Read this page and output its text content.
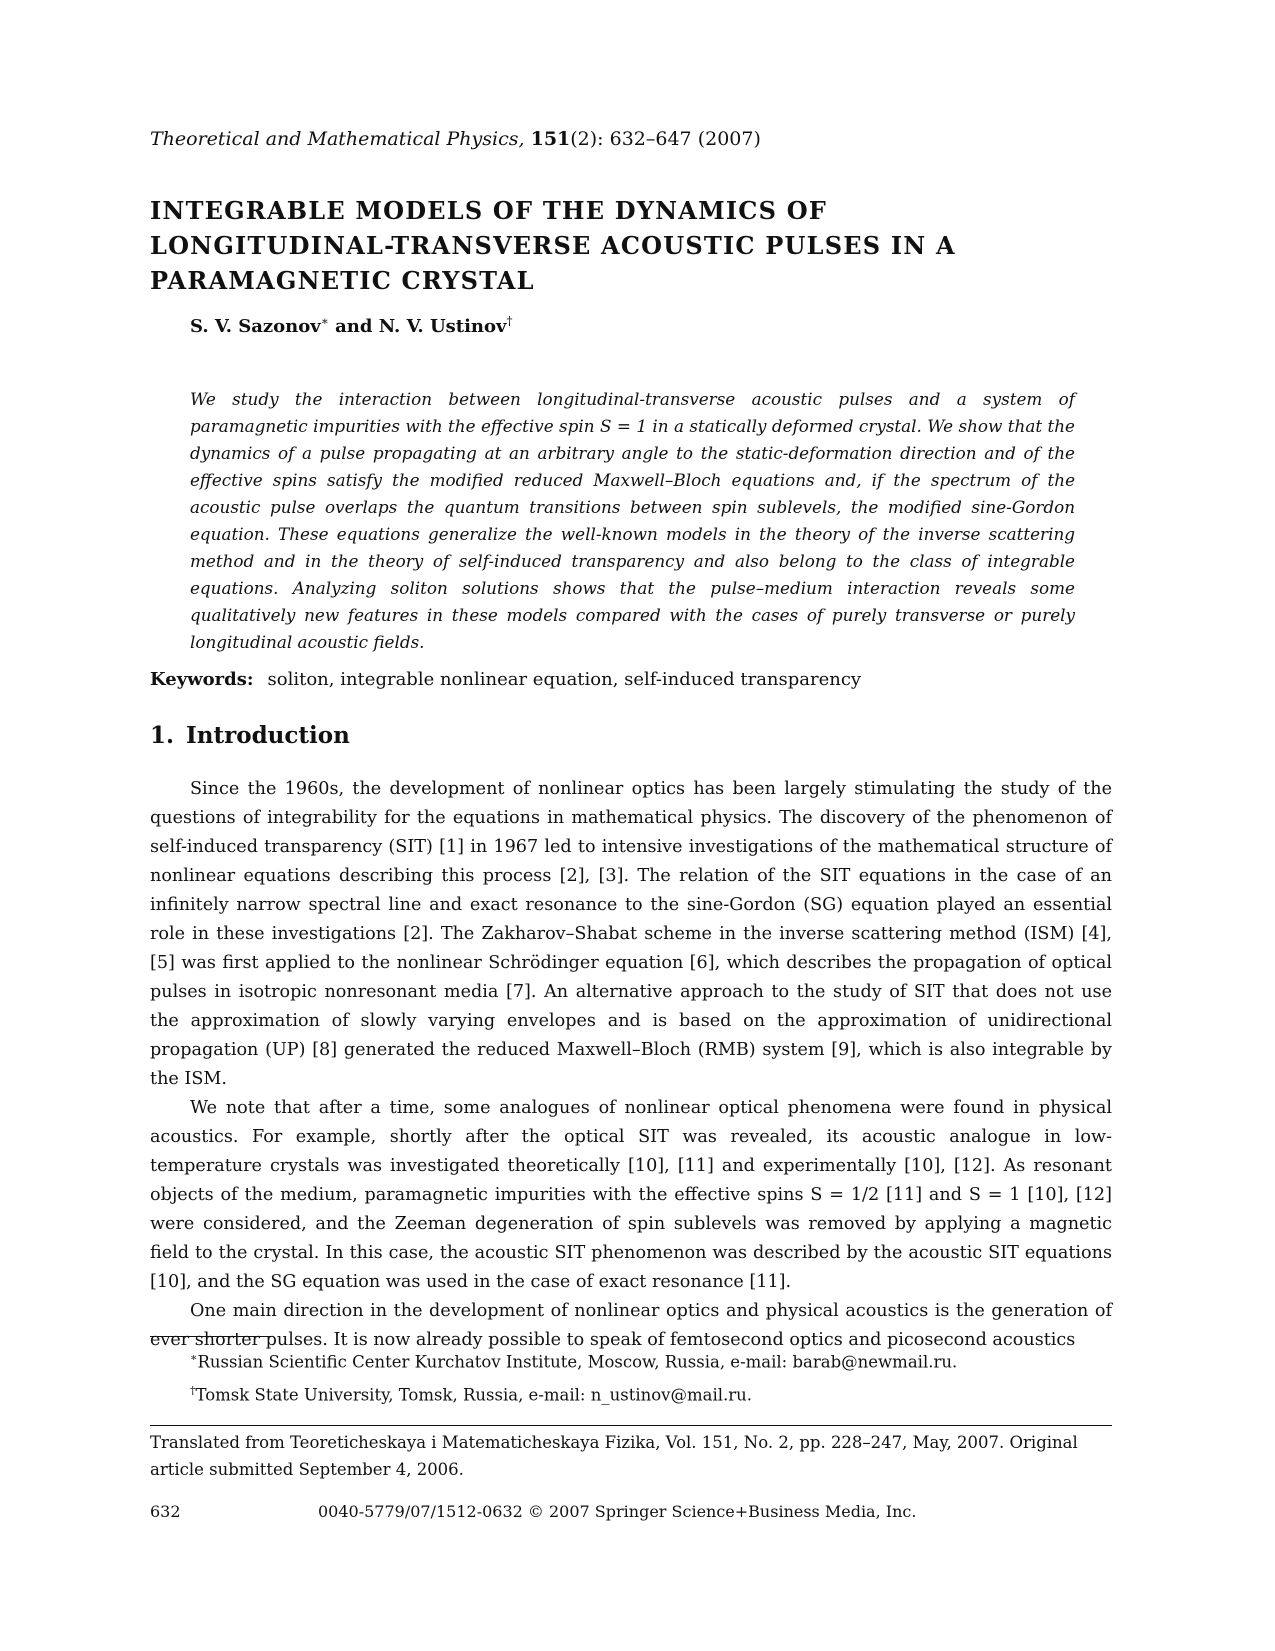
Theoretical and Mathematical Physics, 151(2): 632–647 (2007)
INTEGRABLE MODELS OF THE DYNAMICS OF
LONGITUDINAL-TRANSVERSE ACOUSTIC PULSES IN A
PARAMAGNETIC CRYSTAL
S. V. Sazonov∗ and N. V. Ustinov†
We study the interaction between longitudinal-transverse acoustic pulses and a system of paramagnetic impurities with the effective spin S = 1 in a statically deformed crystal. We show that the dynamics of a pulse propagating at an arbitrary angle to the static-deformation direction and of the effective spins satisfy the modified reduced Maxwell–Bloch equations and, if the spectrum of the acoustic pulse overlaps the quantum transitions between spin sublevels, the modified sine-Gordon equation. These equations generalize the well-known models in the theory of the inverse scattering method and in the theory of self-induced transparency and also belong to the class of integrable equations. Analyzing soliton solutions shows that the pulse–medium interaction reveals some qualitatively new features in these models compared with the cases of purely transverse or purely longitudinal acoustic fields.
Keywords: soliton, integrable nonlinear equation, self-induced transparency
1. Introduction

Since the 1960s, the development of nonlinear optics has been largely stimulating the study of the questions of integrability for the equations in mathematical physics. The discovery of the phenomenon of self-induced transparency (SIT) [1] in 1967 led to intensive investigations of the mathematical structure of nonlinear equations describing this process [2], [3]. The relation of the SIT equations in the case of an infinitely narrow spectral line and exact resonance to the sine-Gordon (SG) equation played an essential role in these investigations [2]. The Zakharov–Shabat scheme in the inverse scattering method (ISM) [4], [5] was first applied to the nonlinear Schrödinger equation [6], which describes the propagation of optical pulses in isotropic nonresonant media [7]. An alternative approach to the study of SIT that does not use the approximation of slowly varying envelopes and is based on the approximation of unidirectional propagation (UP) [8] generated the reduced Maxwell–Bloch (RMB) system [9], which is also integrable by the ISM.

We note that after a time, some analogues of nonlinear optical phenomena were found in physical acoustics. For example, shortly after the optical SIT was revealed, its acoustic analogue in low-temperature crystals was investigated theoretically [10], [11] and experimentally [10], [12]. As resonant objects of the medium, paramagnetic impurities with the effective spins S = 1/2 [11] and S = 1 [10], [12] were considered, and the Zeeman degeneration of spin sublevels was removed by applying a magnetic field to the crystal. In this case, the acoustic SIT phenomenon was described by the acoustic SIT equations [10], and the SG equation was used in the case of exact resonance [11].

One main direction in the development of nonlinear optics and physical acoustics is the generation of ever shorter pulses. It is now already possible to speak of femtosecond optics and picosecond acoustics

∗Russian Scientific Center Kurchatov Institute, Moscow, Russia, e-mail: barab@newmail.ru.
†Tomsk State University, Tomsk, Russia, e-mail: n_ustinov@mail.ru.
Translated from Teoreticheskaya i Matematicheskaya Fizika, Vol. 151, No. 2, pp. 228–247, May, 2007. Original article submitted September 4, 2006.
632	0040-5779/07/1512-0632 © 2007 Springer Science+Business Media, Inc.
